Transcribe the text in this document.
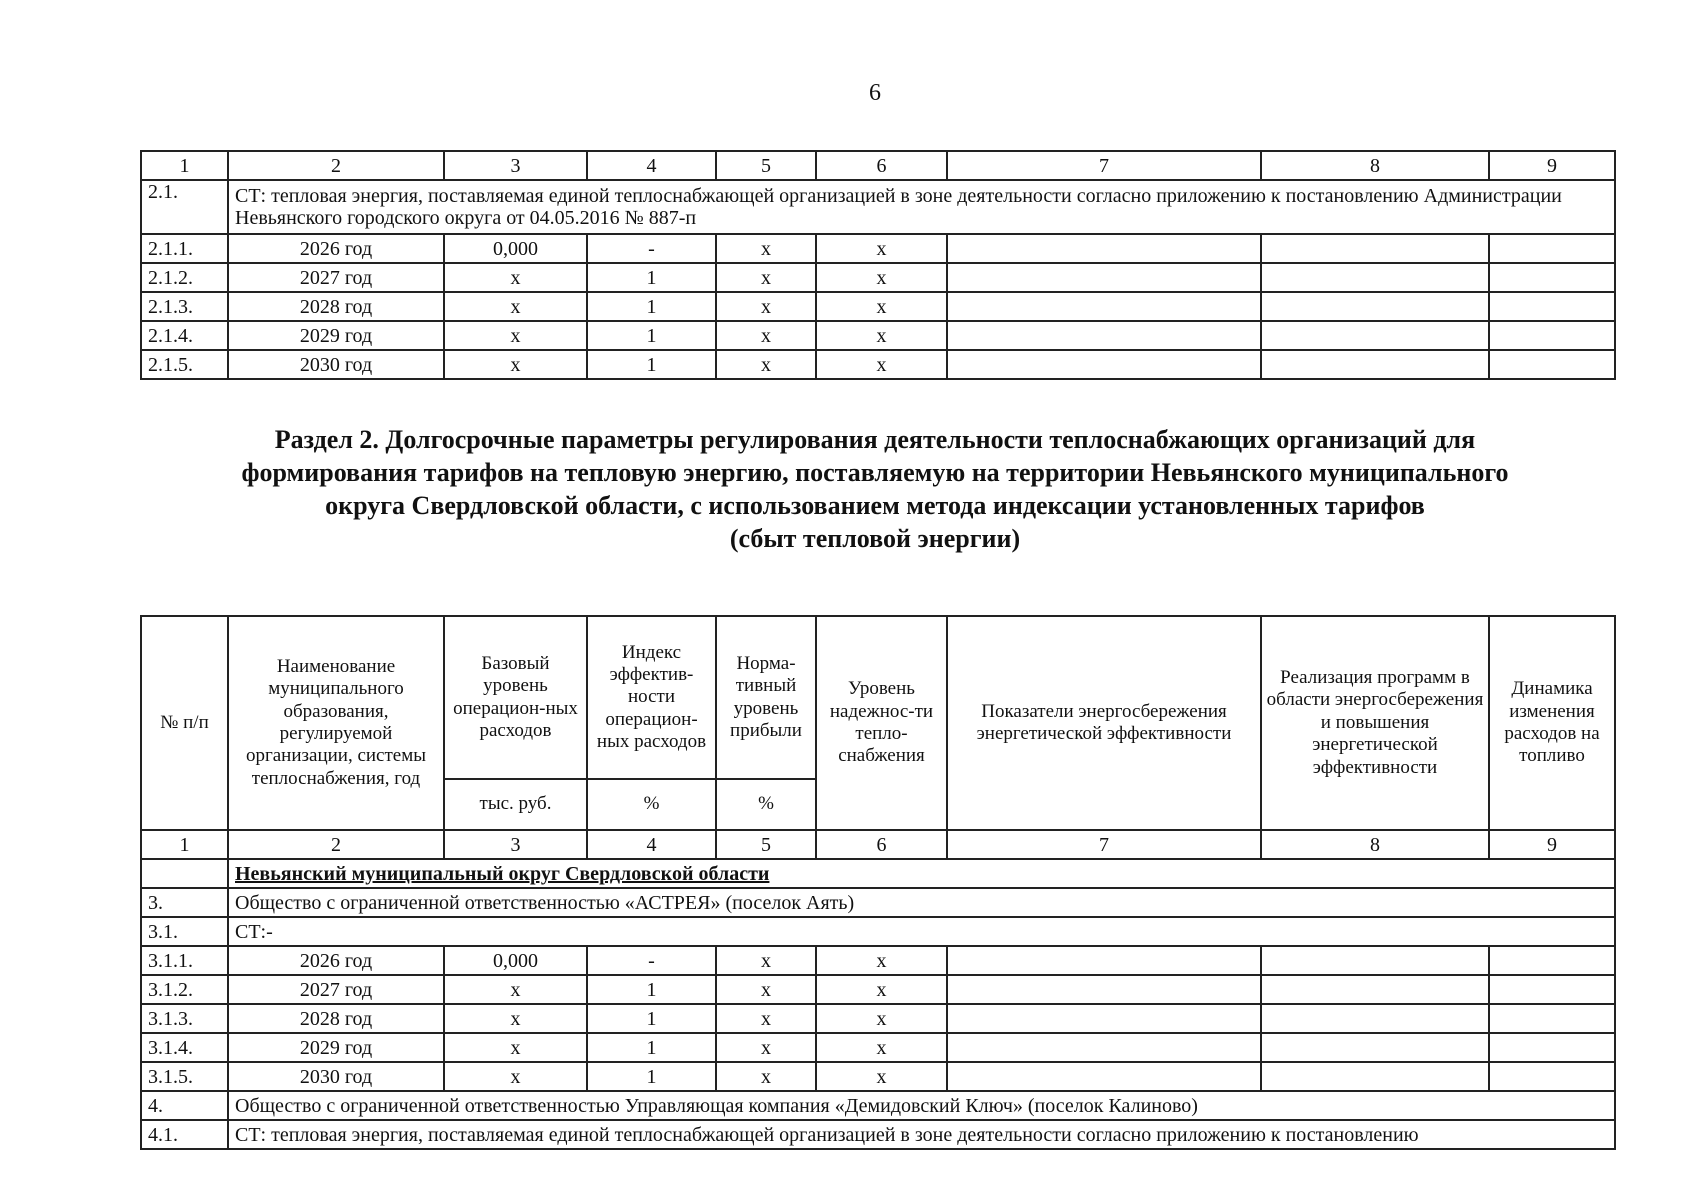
6
1	2	3	4	5	6	7	8	9
2.1.	СТ: тепловая энергия, поставляемая единой теплоснабжающей организацией в зоне деятельности согласно приложению к постановлению Администрации Невьянского городского округа от 04.05.2016 № 887-п							
2.1.1.	2026 год	0,000	-	х	х			
2.1.2.	2027 год	х	1	х	х			
2.1.3.	2028 год	х	1	х	х			
2.1.4.	2029 год	х	1	х	х			
2.1.5.	2030 год	х	1	х	х			
Раздел 2. Долгосрочные параметры регулирования деятельности теплоснабжающих организаций для
формирования тарифов на тепловую энергию, поставляемую на территории Невьянского муниципального
округа Свердловской области, с использованием метода индексации установленных тарифов
(сбыт тепловой энергии)
№ п/п	Наименование муниципального образования, регулируемой организации, системы теплоснабжения, год	Базовый уровень операцион-ных расходов	Индекс эффектив-ности операцион-ных расходов	Норма-тивный уровень прибыли	Уровень надежнос-ти тепло-снабжения	Показатели энергосбережения энергетической эффективности	Реализация программ в области энергосбережения и повышения энергетической эффективности	Динамика изменения расходов на топливо
		тыс. руб.	%	%				
1	2	3	4	5	6	7	8	9
	Невьянский муниципальный округ Свердловской области							
3.	Общество с ограниченной ответственностью «АСТРЕЯ» (поселок Аять)							
3.1.	СТ:-							
3.1.1.	2026 год	0,000	-	х	х			
3.1.2.	2027 год	х	1	х	х			
3.1.3.	2028 год	х	1	х	х			
3.1.4.	2029 год	х	1	х	х			
3.1.5.	2030 год	х	1	х	х			
4.	Общество с ограниченной ответственностью Управляющая компания «Демидовский Ключ» (поселок Калиново)							
4.1.	СТ: тепловая энергия, поставляемая единой теплоснабжающей организацией в зоне деятельности согласно приложению к постановлению							
